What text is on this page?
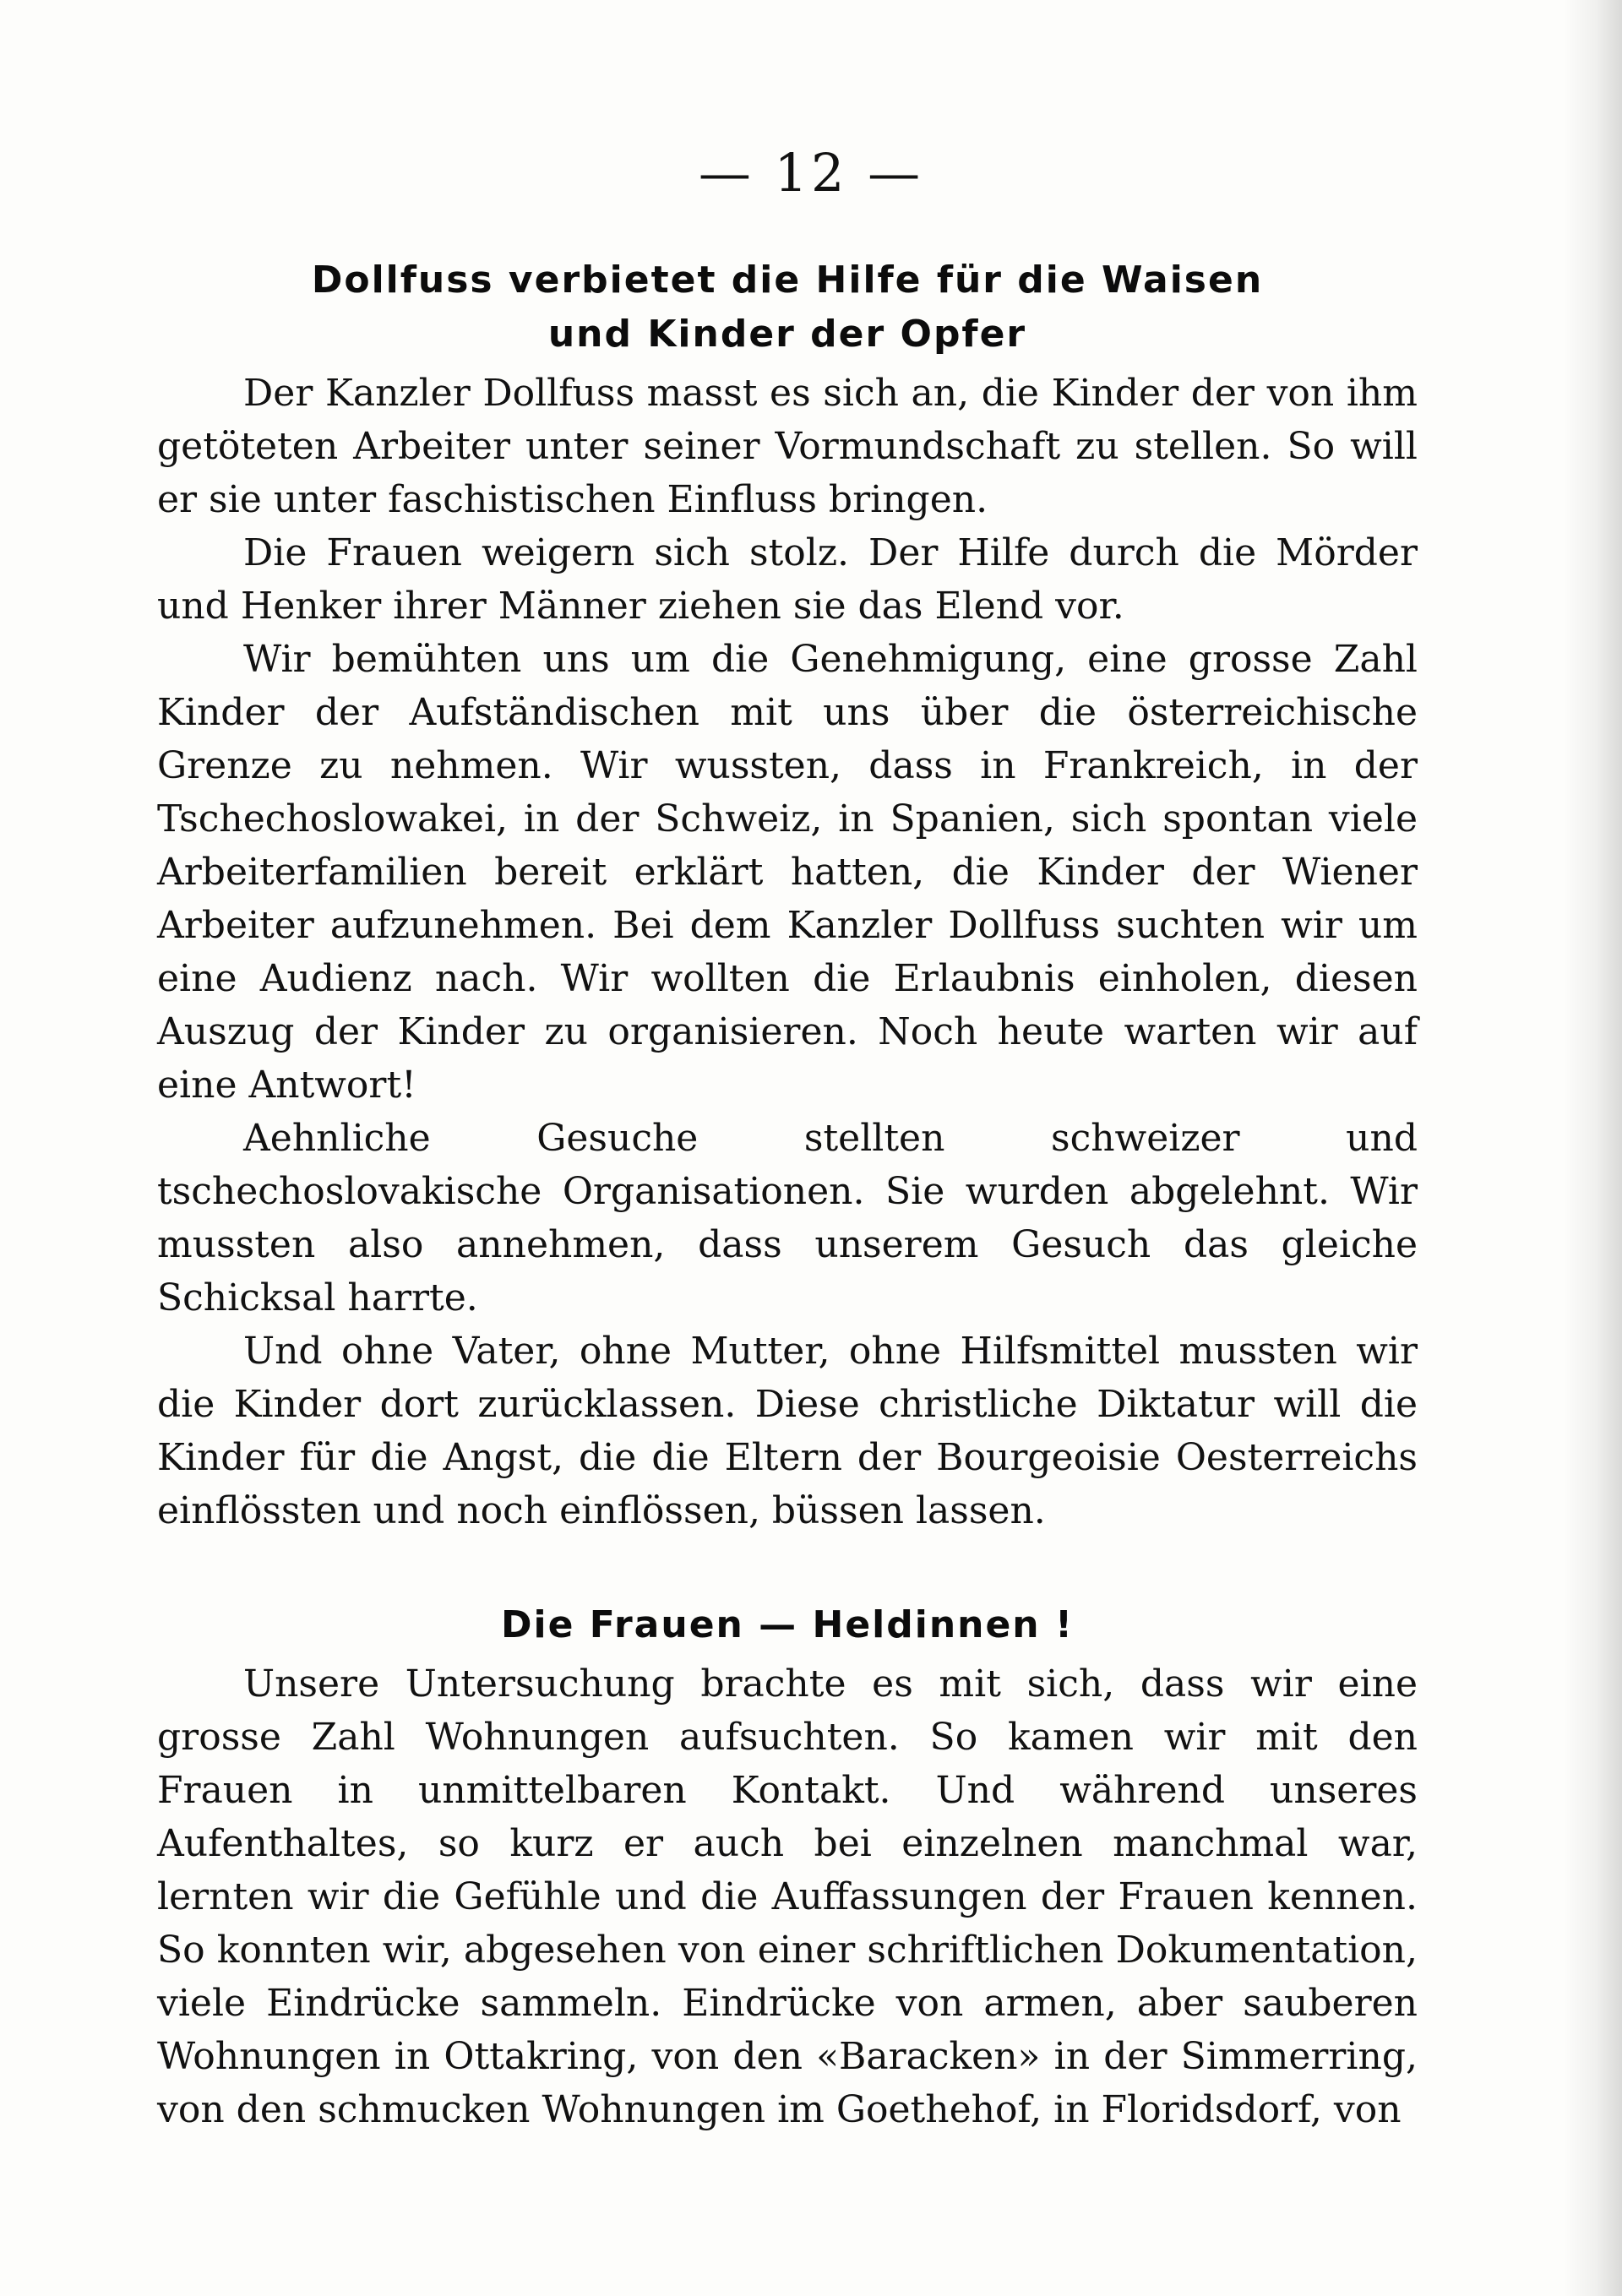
— 12 —
Dollfuss verbietet die Hilfe für die Waisen
und Kinder der Opfer

Der Kanzler Dollfuss masst es sich an, die Kinder der von ihm getöteten Arbeiter unter seiner Vormundschaft zu stellen. So will er sie unter faschistischen Einfluss bringen.

Die Frauen weigern sich stolz. Der Hilfe durch die Mörder und Henker ihrer Männer ziehen sie das Elend vor.

Wir bemühten uns um die Genehmigung, eine grosse Zahl Kinder der Aufständischen mit uns über die österreichische Grenze zu nehmen. Wir wussten, dass in Frankreich, in der Tschechoslowakei, in der Schweiz, in Spanien, sich spontan viele Arbeiterfamilien bereit erklärt hatten, die Kinder der Wiener Arbeiter aufzunehmen. Bei dem Kanzler Dollfuss suchten wir um eine Audienz nach. Wir wollten die Erlaubnis einholen, diesen Auszug der Kinder zu organisieren. Noch heute warten wir auf eine Antwort!

Aehnliche Gesuche stellten schweizer und tschechoslovakische Organisationen. Sie wurden abgelehnt. Wir mussten also annehmen, dass unserem Gesuch das gleiche Schicksal harrte.

Und ohne Vater, ohne Mutter, ohne Hilfsmittel mussten wir die Kinder dort zurücklassen. Diese christliche Diktatur will die Kinder für die Angst, die die Eltern der Bourgeoisie Oesterreichs einflössten und noch einflössen, büssen lassen.

Die Frauen — Heldinnen !

Unsere Untersuchung brachte es mit sich, dass wir eine grosse Zahl Wohnungen aufsuchten. So kamen wir mit den Frauen in unmittelbaren Kontakt. Und während unseres Aufenthaltes, so kurz er auch bei einzelnen manchmal war, lernten wir die Gefühle und die Auffassungen der Frauen kennen. So konnten wir, abgesehen von einer schriftlichen Dokumentation, viele Eindrücke sammeln. Eindrücke von armen, aber sauberen Wohnungen in Ottakring, von den «Baracken» in der Simmerring, von den schmucken Wohnungen im Goethehof, in Floridsdorf, von
